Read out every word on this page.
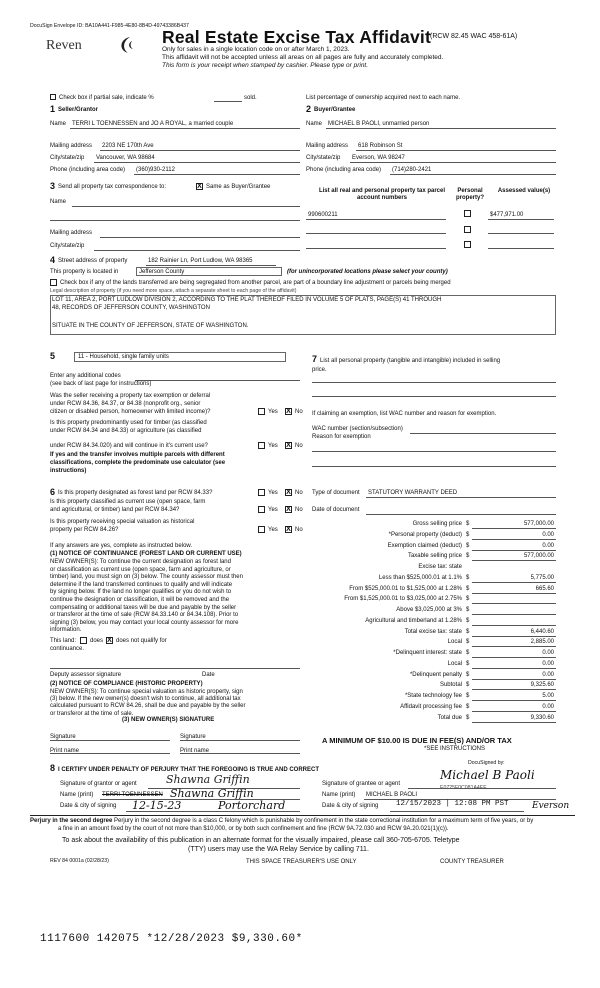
DocuSign Envelope ID: BA10A441-F985-4E80-8B4D-49743386B437
Reven	Real Estate Excise Tax Affidavit
(RCW 82.45 WAC 458-61A)
Only for sales in a single location code on or after March 1, 2023.
This affidavit will not be accepted unless all areas on all pages are fully and accurately completed.
This form is your receipt when stamped by cashier. Please type or print.
Check box if partial sale, indicate %	sold.	List percentage of ownership acquired next to each name.
1 Seller/Grantor
Name TERRI L TOENNESSEN and JO A ROYAL, a married couple
2 Buyer/Grantee
Name MICHAEL B PAOLI, unmarried person
Mailing address 2203 NE 170th Ave
City/state/zip Vancouver, WA 98684
Phone (including area code) (360)930-2112
Mailing address 618 Robinson St
City/state/zip Everson, WA 98247
Phone (including area code) (714)280-2421
3 Send all property tax correspondence to:	X Same as Buyer/Grantee
Name
Mailing address
City/state/zip
List all real and personal property tax parcel account numbers
Personal property?
Assessed value(s)
990600211	$477,971.00
4 Street address of property	182 Rainier Ln, Port Ludlow, WA 98365
This property is located in	Jefferson County	(for unincorporated locations please select your county)
Check box if any of the lands transferred are being segregated from another parcel, are part of a boundary line adjustment or parcels being merged
Legal description of property (if you need more space, attach a separate sheet to each page of the affidavit)
LOT 11, AREA 2, PORT LUDLOW DIVISION 2, ACCORDING TO THE PLAT THEREOF FILED IN VOLUME 5 OF PLATS, PAGE(S) 41 THROUGH
48, RECORDS OF JEFFERSON COUNTY, WASHINGTON
SITUATE IN THE COUNTY OF JEFFERSON, STATE OF WASHINGTON.
5	11 - Household, single family units
Enter any additional codes
(see back of last page for instructions)
Was the seller receiving a property tax exemption or deferral
under RCW 84.36, 84.37, or 84.38 (nonprofit org., senior
citizen or disabled person, homeowner with limited income)?	Yes X No
Is this property predominantly used for timber (as classified
under RCW 84.34 and 84.33) or agriculture (as classified
under RCW 84.34.020) and will continue in it's current use?	Yes X No
If yes and the transfer involves multiple parcels with different
classifications, complete the predominate use calculator (see
instructions)
7 List all personal property (tangible and intangible) included in selling
price.
If claiming an exemption, list WAC number and reason for exemption.
WAC number (section/subsection)
Reason for exemption
Type of document STATUTORY WARRANTY DEED
Date of document
6 Is this property designated as forest land per RCW 84.33?	Yes X No
Is this property classified as current use (open space, farm
and agricultural, or timber) land per RCW 84.34?	Yes X No
Is this property receiving special valuation as historical
property per RCW 84.26?	Yes X No
If any answers are yes, complete as instructed below.
(1) NOTICE OF CONTINUANCE (FOREST LAND OR CURRENT USE)
NEW OWNER(S): To continue the current designation as forest land
or classification as current use (open space, farm and agriculture, or
timber) land, you must sign on (3) below. The county assessor must then
determine if the land transferred continues to qualify and will indicate
by signing below. If the land no longer qualifies or you do not wish to
continue the designation or classification, it will be removed and the
compensating or additional taxes will be due and payable by the seller
or transferor at the time of sale (RCW 84.33.140 or 84.34.108). Prior to
signing (3) below, you may contact your local county assessor for more
information.
This land: does X does not qualify for
continuance.
Deputy assessor signature	Date
(2) NOTICE OF COMPLIANCE (HISTORIC PROPERTY)
NEW OWNER(S): To continue special valuation as historic property, sign
(3) below. If the new owner(s) doesn't wish to continue, all additional tax
calculated pursuant to RCW 84.26, shall be due and payable by the seller
or transferor at the time of sale.
(3) NEW OWNER(S) SIGNATURE
Signature	Signature
Print name	Print name
Gross selling price $	577,000.00
*Personal property (deduct) $	0.00
Exemption claimed (deduct) $	0.00
Taxable selling price $	577,000.00
Excise tax: state
Less than $525,000.01 at 1.1% $	5,775.00
From $525,000.01 to $1,525,000 at 1.28% $	665.60
From $1,525,000.01 to $3,025,000 at 2.75% $
Above $3,025,000 at 3% $
Agricultural and timberland at 1.28% $
Total excise tax: state $	6,440.60
Local $	2,885.00
*Delinquent interest: state $	0.00
Local $	0.00
*Delinquent penalty $	0.00
Subtotal $	9,325.60
*State technology fee $	5.00
Affidavit processing fee $	0.00
Total due $	9,330.60
A MINIMUM OF $10.00 IS DUE IN FEE(S) AND/OR TAX
*SEE INSTRUCTIONS
8 I CERTIFY UNDER PENALTY OF PERJURY THAT THE FOREGOING IS TRUE AND CORRECT
Signature of grantor or agent	Shawna Griffin
Name (print) TERRI TOENNESSEN Shawna Griffin
Date & city of signing 12-15-23	Portorchard
DocuSigned by:
Michael B Paoli
E0725F0C081A4EE...
Signature of grantee or agent
Name (print) MICHAEL B PAOLI
Date & city of signing 12/15/2023 | 12:08 PM PST	Everson
Perjury in the second degree Perjury in the second degree is a class C felony which is punishable by confinement in the state correctional institution for a maximum term of five years, or by
a fine in an amount fixed by the court of not more than $10,000, or by both such confinement and fine (RCW 9A.72.030 and RCW 9A.20.021(1)(c)).
To ask about the availability of this publication in an alternate format for the visually impaired, please call 360-705-6705. Teletype
(TTY) users may use the WA Relay Service by calling 711.
REV 84 0001a (02/28/23)	THIS SPACE TREASURER'S USE ONLY	COUNTY TREASURER
1117600 142075 *12/28/2023 $9,330.60*
